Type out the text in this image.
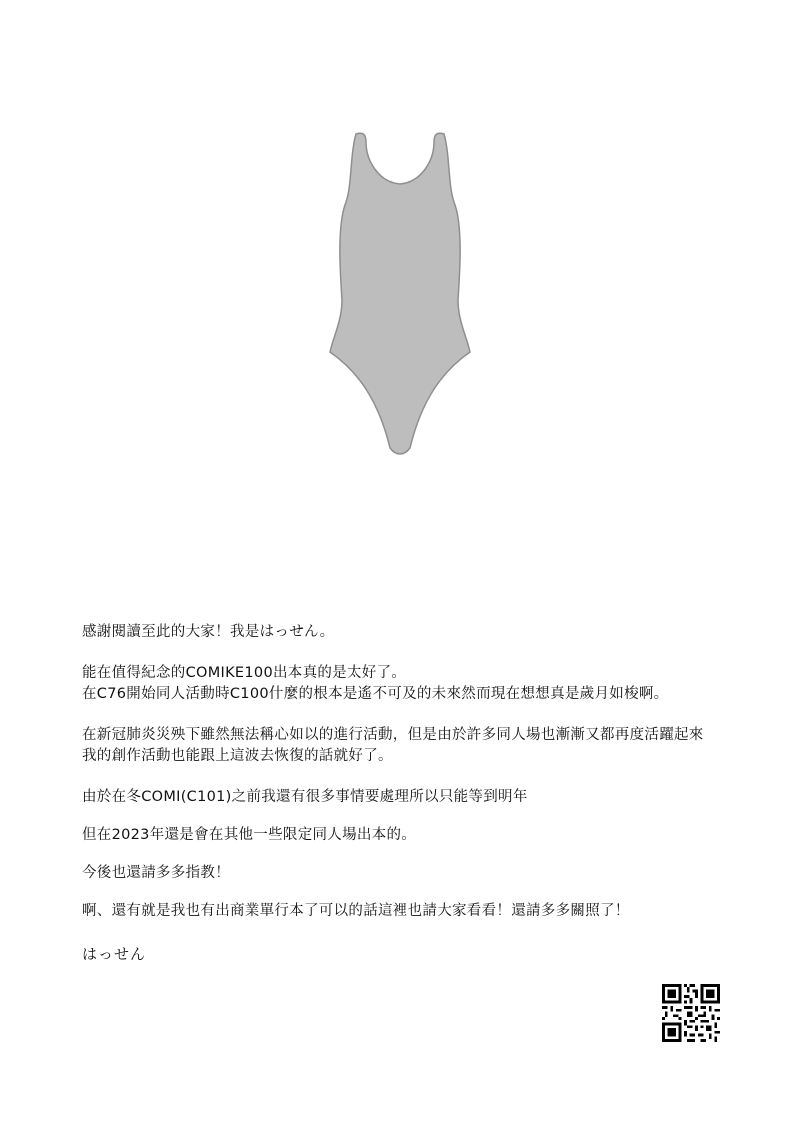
感謝閱讀至此的大家！我是はっせん。

能在值得紀念的COMIKE100出本真的是太好了。
在C76開始同人活動時C100什麼的根本是遙不可及的未來然而現在想想真是歲月如梭啊。

在新冠肺炎災殃下雖然無法稱心如以的進行活動，但是由於許多同人場也漸漸又都再度活躍起來
我的創作活動也能跟上這波去恢復的話就好了。

由於在冬COMI(C101)之前我還有很多事情要處理所以只能等到明年

但在2023年還是會在其他一些限定同人場出本的。

今後也還請多多指教！

啊、還有就是我也有出商業單行本了可以的話這裡也請大家看看！還請多多關照了！

はっせん
